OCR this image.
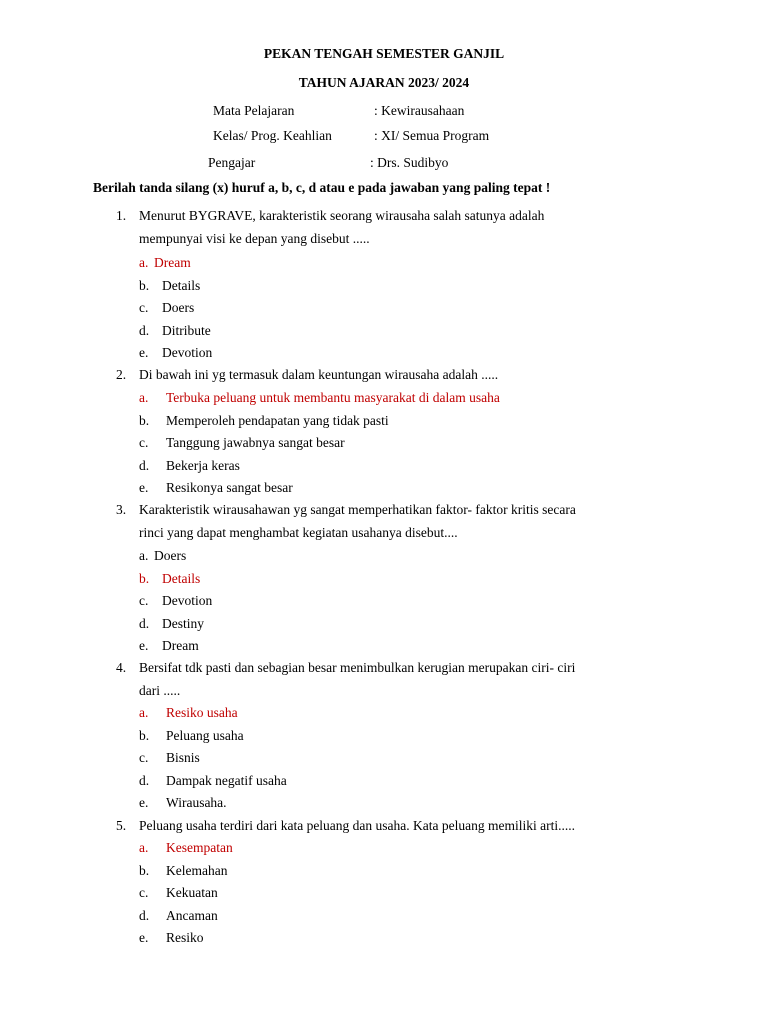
PEKAN TENGAH SEMESTER GANJIL
TAHUN AJARAN 2023/ 2024
Mata Pelajaran	: Kewirausahaan
Kelas/ Prog. Keahlian	: XI/ Semua Program
Pengajar	: Drs. Sudibyo
Berilah tanda silang (x) huruf a, b, c, d atau e pada jawaban yang paling tepat !
1. Menurut BYGRAVE, karakteristik seorang wirausaha salah satunya adalah
mempunyai visi ke depan yang disebut .....
a. Dream
b. Details
c. Doers
d. Ditribute
e. Devotion
2. Di bawah ini yg termasuk dalam keuntungan wirausaha adalah .....
a. Terbuka peluang untuk membantu masyarakat di dalam usaha
b. Memperoleh pendapatan yang tidak pasti
c. Tanggung jawabnya sangat besar
d. Bekerja keras
e. Resikonya sangat besar
3. Karakteristik wirausahawan yg sangat memperhatikan faktor- faktor kritis secara
rinci yang dapat menghambat kegiatan usahanya disebut....
a. Doers
b. Details
c. Devotion
d. Destiny
e. Dream
4. Bersifat tdk pasti dan sebagian besar menimbulkan kerugian merupakan ciri- ciri
dari .....
a. Resiko usaha
b. Peluang usaha
c. Bisnis
d. Dampak negatif usaha
e. Wirausaha.
5. Peluang usaha terdiri dari kata peluang dan usaha. Kata peluang memiliki arti.....
a. Kesempatan
b. Kelemahan
c. Kekuatan
d. Ancaman
e. Resiko
